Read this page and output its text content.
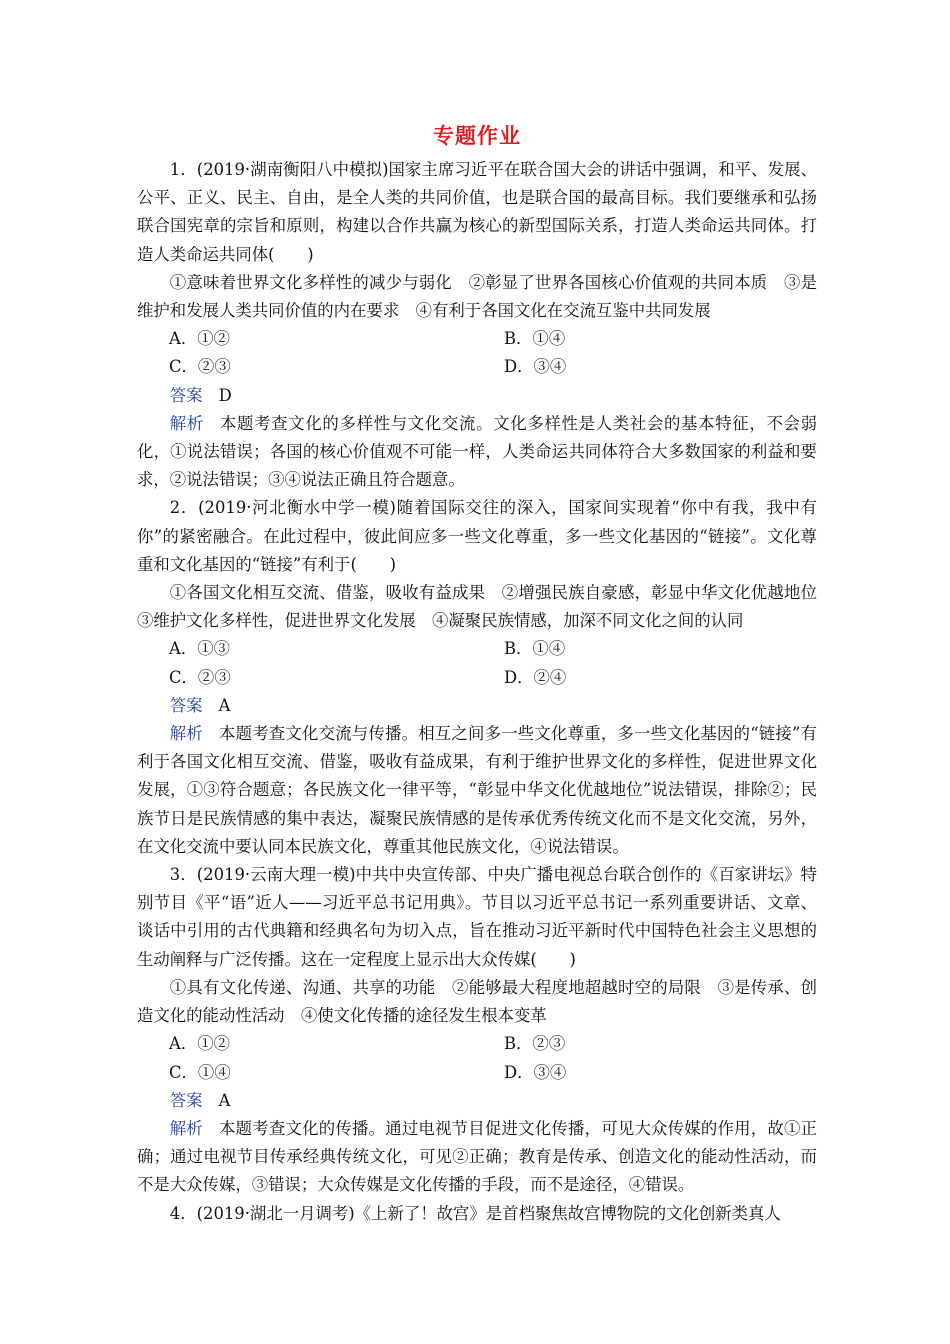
专题作业

1．(2019·湖南衡阳八中模拟)国家主席习近平在联合国大会的讲话中强调，和平、发展、公平、正义、民主、自由，是全人类的共同价值，也是联合国的最高目标。我们要继承和弘扬联合国宪章的宗旨和原则，构建以合作共赢为核心的新型国际关系，打造人类命运共同体。打造人类命运共同体(　　)

①意味着世界文化多样性的减少与弱化　②彰显了世界各国核心价值观的共同本质　③是维护和发展人类共同价值的内在要求　④有利于各国文化在交流互鉴中共同发展

A．①②	B．①④
C．②③	D．③④

答案 D

解析 本题考查文化的多样性与文化交流。文化多样性是人类社会的基本特征，不会弱化，①说法错误；各国的核心价值观不可能一样，人类命运共同体符合大多数国家的利益和要求，②说法错误；③④说法正确且符合题意。

2．(2019·河北衡水中学一模)随着国际交往的深入，国家间实现着“你中有我，我中有你”的紧密融合。在此过程中，彼此间应多一些文化尊重，多一些文化基因的“链接”。文化尊重和文化基因的“链接”有利于(　　)

①各国文化相互交流、借鉴，吸收有益成果　②增强民族自豪感，彰显中华文化优越地位　③维护文化多样性，促进世界文化发展　④凝聚民族情感，加深不同文化之间的认同

A．①③	B．①④
C．②③	D．②④

答案 A

解析 本题考查文化交流与传播。相互之间多一些文化尊重，多一些文化基因的“链接”有利于各国文化相互交流、借鉴，吸收有益成果，有利于维护世界文化的多样性，促进世界文化发展，①③符合题意；各民族文化一律平等，“彰显中华文化优越地位”说法错误，排除②；民族节日是民族情感的集中表达，凝聚民族情感的是传承优秀传统文化而不是文化交流，另外，在文化交流中要认同本民族文化，尊重其他民族文化，④说法错误。

3．(2019·云南大理一模)中共中央宣传部、中央广播电视总台联合创作的《百家讲坛》特别节目《平“语”近人——习近平总书记用典》。节目以习近平总书记一系列重要讲话、文章、谈话中引用的古代典籍和经典名句为切入点，旨在推动习近平新时代中国特色社会主义思想的生动阐释与广泛传播。这在一定程度上显示出大众传媒(　　)

①具有文化传递、沟通、共享的功能　②能够最大程度地超越时空的局限　③是传承、创造文化的能动性活动　④使文化传播的途径发生根本变革

A．①②	B．②③
C．①④	D．③④

答案 A

解析 本题考查文化的传播。通过电视节目促进文化传播，可见大众传媒的作用，故①正确；通过电视节目传承经典传统文化，可见②正确；教育是传承、创造文化的能动性活动，而不是大众传媒，③错误；大众传媒是文化传播的手段，而不是途径，④错误。

4．(2019·湖北一月调考)《上新了！故宫》是首档聚焦故宫博物院的文化创新类真人
